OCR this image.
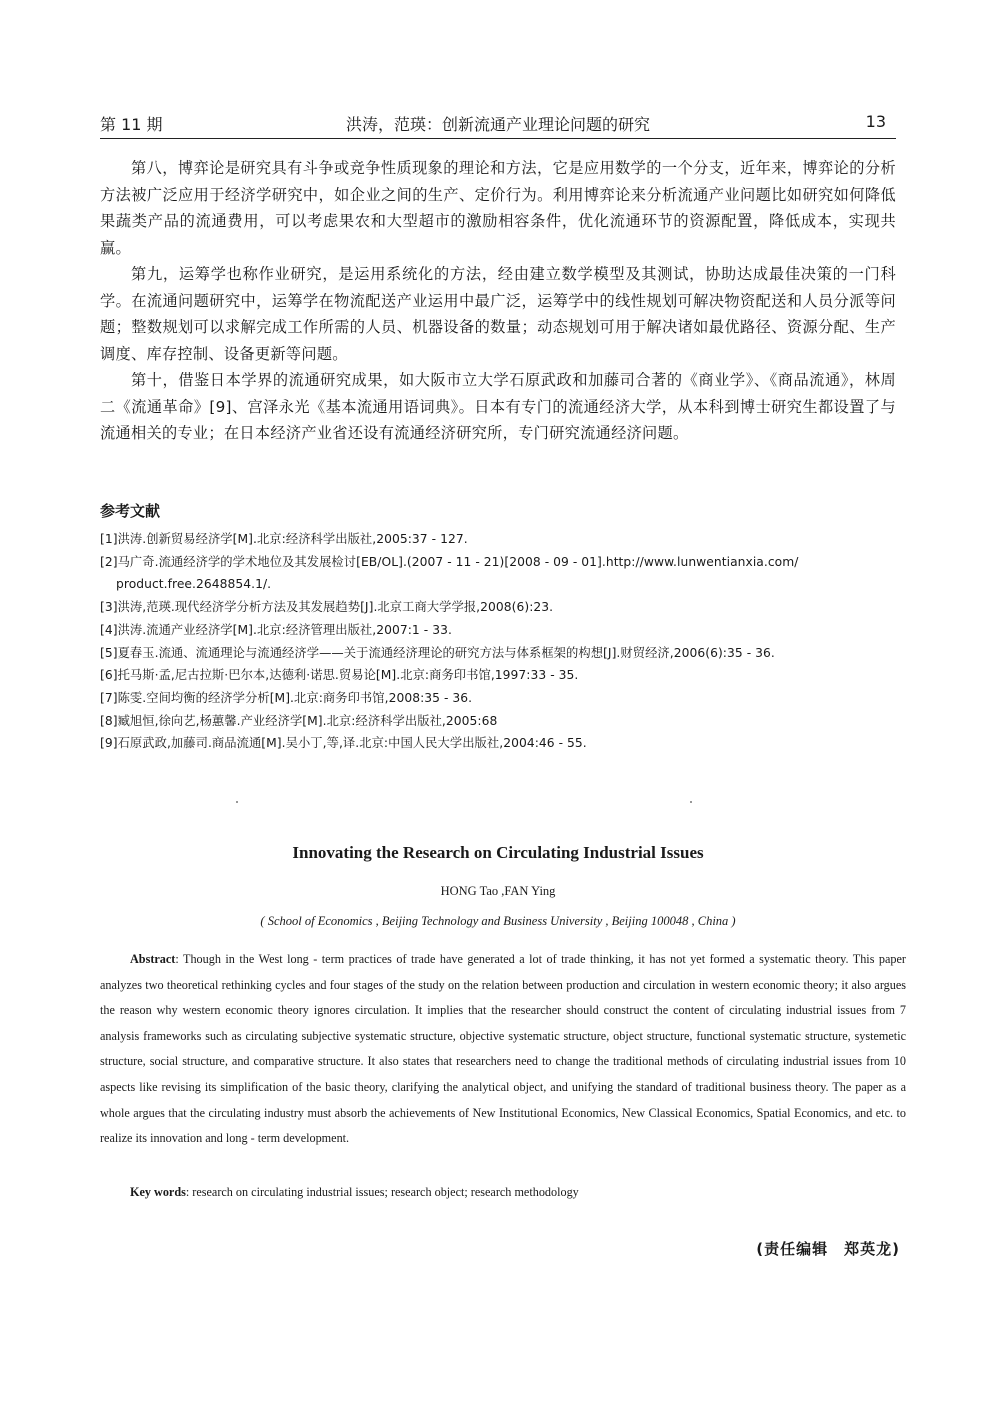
第 11 期	洪涛，范瑛：创新流通产业理论问题的研究	13

第八，博弈论是研究具有斗争或竞争性质现象的理论和方法，它是应用数学的一个分支，近年来，博弈论的分析方法被广泛应用于经济学研究中，如企业之间的生产、定价行为。利用博弈论来分析流通产业问题比如研究如何降低果蔬类产品的流通费用，可以考虑果农和大型超市的激励相容条件，优化流通环节的资源配置，降低成本，实现共赢。

第九，运筹学也称作业研究，是运用系统化的方法，经由建立数学模型及其测试，协助达成最佳决策的一门科学。在流通问题研究中，运筹学在物流配送产业运用中最广泛，运筹学中的线性规划可解决物资配送和人员分派等问题；整数规划可以求解完成工作所需的人员、机器设备的数量；动态规划可用于解决诸如最优路径、资源分配、生产调度、库存控制、设备更新等问题。

第十，借鉴日本学界的流通研究成果，如大阪市立大学石原武政和加藤司合著的《商业学》、《商品流通》，林周二《流通革命》[9]、宫泽永光《基本流通用语词典》。日本有专门的流通经济大学，从本科到博士研究生都设置了与流通相关的专业；在日本经济产业省还设有流通经济研究所，专门研究流通经济问题。

参考文献

[1]洪涛.创新贸易经济学[M].北京:经济科学出版社,2005:37 - 127.

[2]马广奇.流通经济学的学术地位及其发展检讨[EB/OL].(2007 - 11 - 21)[2008 - 09 - 01].http://www.lunwentianxia.com/

product.free.2648854.1/.

[3]洪涛,范瑛.现代经济学分析方法及其发展趋势[J].北京工商大学学报,2008(6):23.

[4]洪涛.流通产业经济学[M].北京:经济管理出版社,2007:1 - 33.

[5]夏春玉.流通、流通理论与流通经济学——关于流通经济理论的研究方法与体系框架的构想[J].财贸经济,2006(6):35 - 36.

[6]托马斯·孟,尼古拉斯·巴尔本,达德利·诺思.贸易论[M].北京:商务印书馆,1997:33 - 35.

[7]陈雯.空间均衡的经济学分析[M].北京:商务印书馆,2008:35 - 36.

[8]臧旭恒,徐向艺,杨蕙馨.产业经济学[M].北京:经济科学出版社,2005:68

[9]石原武政,加藤司.商品流通[M].吴小丁,等,译.北京:中国人民大学出版社,2004:46 - 55.

Innovating the Research on Circulating Industrial Issues
HONG Tao ,FAN Ying
( School of Economics , Beijing Technology and Business University , Beijing 100048 , China )

Abstract: Though in the West long - term practices of trade have generated a lot of trade thinking, it has not yet formed a systematic theory. This paper analyzes two theoretical rethinking cycles and four stages of the study on the relation between production and circulation in western economic theory; it also argues the reason why western economic theory ignores circulation. It implies that the researcher should construct the content of circulating industrial issues from 7 analysis frameworks such as circulating subjective systematic structure, objective systematic structure, object structure, functional systematic structure, systemetic structure, social structure, and comparative structure. It also states that researchers need to change the traditional methods of circulating industrial issues from 10 aspects like revising its simplification of the basic theory, clarifying the analytical object, and unifying the standard of traditional business theory. The paper as a whole argues that the circulating industry must absorb the achievements of New Institutional Economics, New Classical Economics, Spatial Economics, and etc. to realize its innovation and long - term development.

Key words: research on circulating industrial issues; research object; research methodology
(责任编辑　郑英龙)
